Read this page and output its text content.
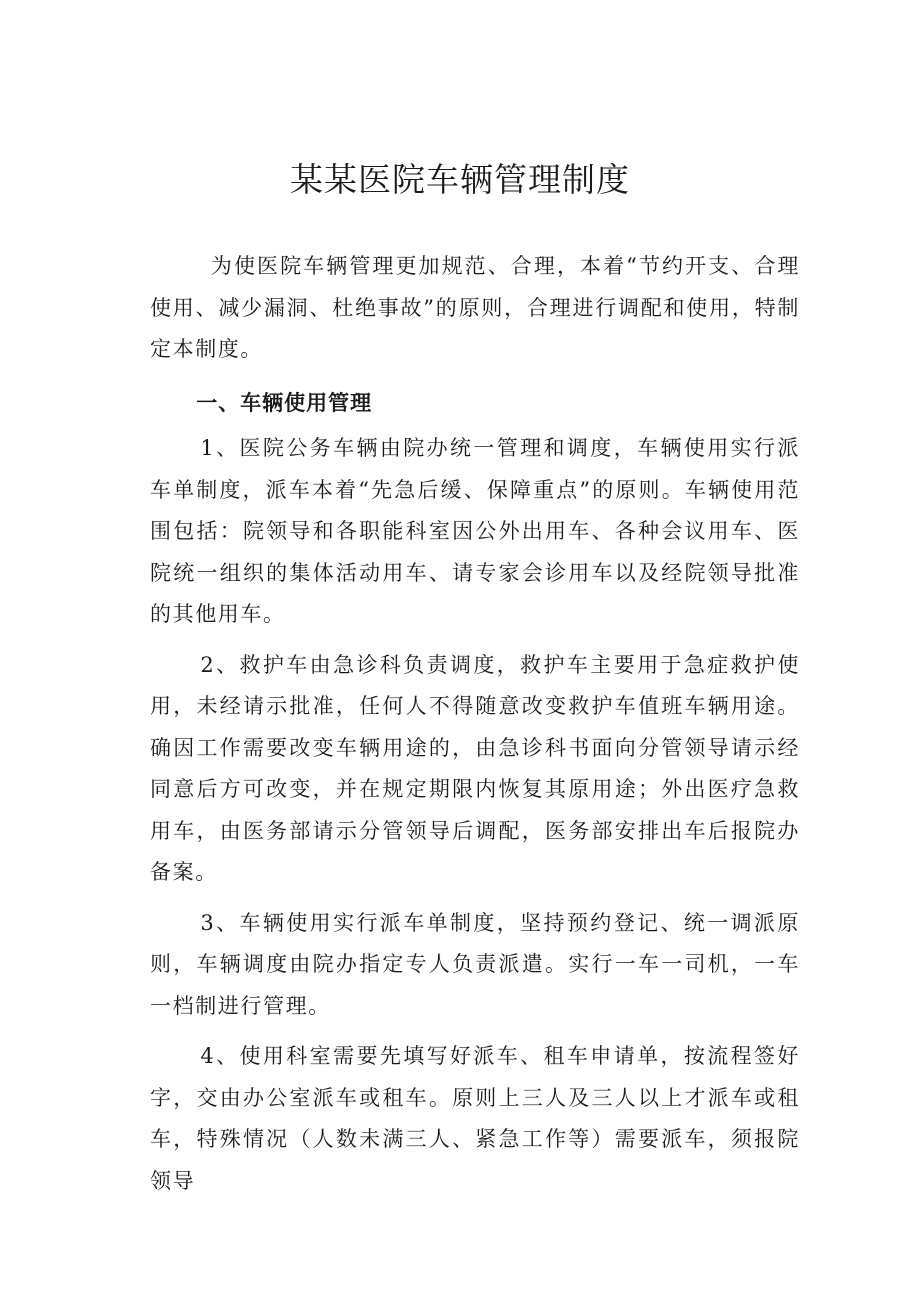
某某医院车辆管理制度

为使医院车辆管理更加规范、合理，本着“节约开支、合理使用、减少漏洞、杜绝事故”的原则，合理进行调配和使用，特制定本制度。

一、车辆使用管理

1、医院公务车辆由院办统一管理和调度，车辆使用实行派车单制度，派车本着“先急后缓、保障重点”的原则。车辆使用范围包括：院领导和各职能科室因公外出用车、各种会议用车、医院统一组织的集体活动用车、请专家会诊用车以及经院领导批准的其他用车。

2、救护车由急诊科负责调度，救护车主要用于急症救护使用，未经请示批准，任何人不得随意改变救护车值班车辆用途。确因工作需要改变车辆用途的，由急诊科书面向分管领导请示经同意后方可改变，并在规定期限内恢复其原用途；外出医疗急救用车，由医务部请示分管领导后调配，医务部安排出车后报院办备案。

3、车辆使用实行派车单制度，坚持预约登记、统一调派原则，车辆调度由院办指定专人负责派遣。实行一车一司机，一车一档制进行管理。

4、使用科室需要先填写好派车、租车申请单，按流程签好字，交由办公室派车或租车。原则上三人及三人以上才派车或租车，特殊情况（人数未满三人、紧急工作等）需要派车，须报院领导
